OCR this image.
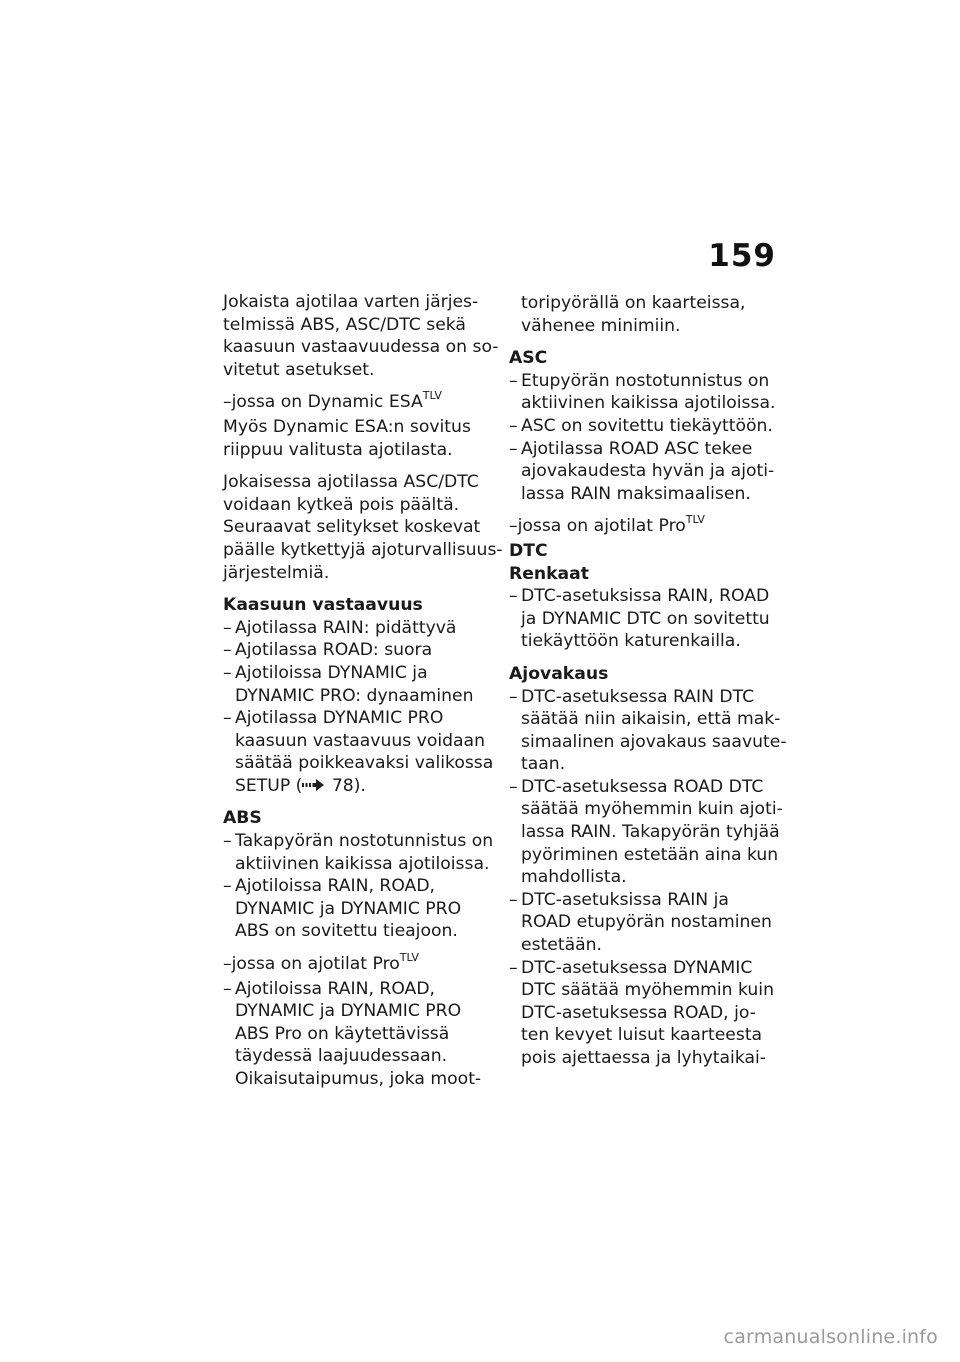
159
Jokaista ajotilaa varten järjes-
telmissä ABS, ASC/DTC sekä
kaasuun vastaavuudessa on so-
vitetut asetukset.
–jossa on Dynamic $ESA^{TLV}$
Myös Dynamic ESA:n sovitus
riippuu valitusta ajotilasta.
Jokaisessa ajotilassa ASC/DTC
voidaan kytkeä pois päältä.
Seuraavat selitykset koskevat
päälle kytkettyjä ajoturvallisuus-
järjestelmiä.
Kaasuun vastaavuus
– Ajotilassa RAIN: pidättyvä
– Ajotilassa ROAD: suora
– Ajotiloissa DYNAMIC ja
DYNAMIC PRO: dynaaminen
– Ajotilassa DYNAMIC PRO
kaasuun vastaavuus voidaan
säätää poikkeavaksi valikossa
SETUP ( 78).
ABS
– Takapyörän nostotunnistus on
aktiivinen kaikissa ajotiloissa.
– Ajotiloissa RAIN, ROAD,
DYNAMIC ja DYNAMIC PRO
ABS on sovitettu tieajoon.
–jossa on ajotilat Pro$^{TLV}$
– Ajotiloissa RAIN, ROAD,
DYNAMIC ja DYNAMIC PRO
ABS Pro on käytettävissä
täydessä laajuudessaan.
Oikaisutaipumus, joka moot-
toripyörällä on kaarteissa,
vähenee minimiin.
ASC
– Etupyörän nostotunnistus on
aktiivinen kaikissa ajotiloissa.
– ASC on sovitettu tiekäyttöön.
– Ajotilassa ROAD ASC tekee
ajovakaudesta hyvän ja ajoti-
lassa RAIN maksimaalisen.
–jossa on ajotilat Pro$^{TLV}$
DTC
Renkaat
– DTC-asetuksissa RAIN, ROAD
ja DYNAMIC DTC on sovitettu
tiekäyttöön katurenkailla.
Ajovakaus
– DTC-asetuksessa RAIN DTC
säätää niin aikaisin, että mak-
simaalinen ajovakaus saavute-
taan.
– DTC-asetuksessa ROAD DTC
säätää myöhemmin kuin ajoti-
lassa RAIN. Takapyörän tyhjää
pyöriminen estetään aina kun
mahdollista.
– DTC-asetuksissa RAIN ja
ROAD etupyörän nostaminen
estetään.
– DTC-asetuksessa DYNAMIC
DTC säätää myöhemmin kuin
DTC-asetuksessa ROAD, jo-
ten kevyet luisut kaarteesta
pois ajettaessa ja lyhytaikai-
carmanualsonline.info
